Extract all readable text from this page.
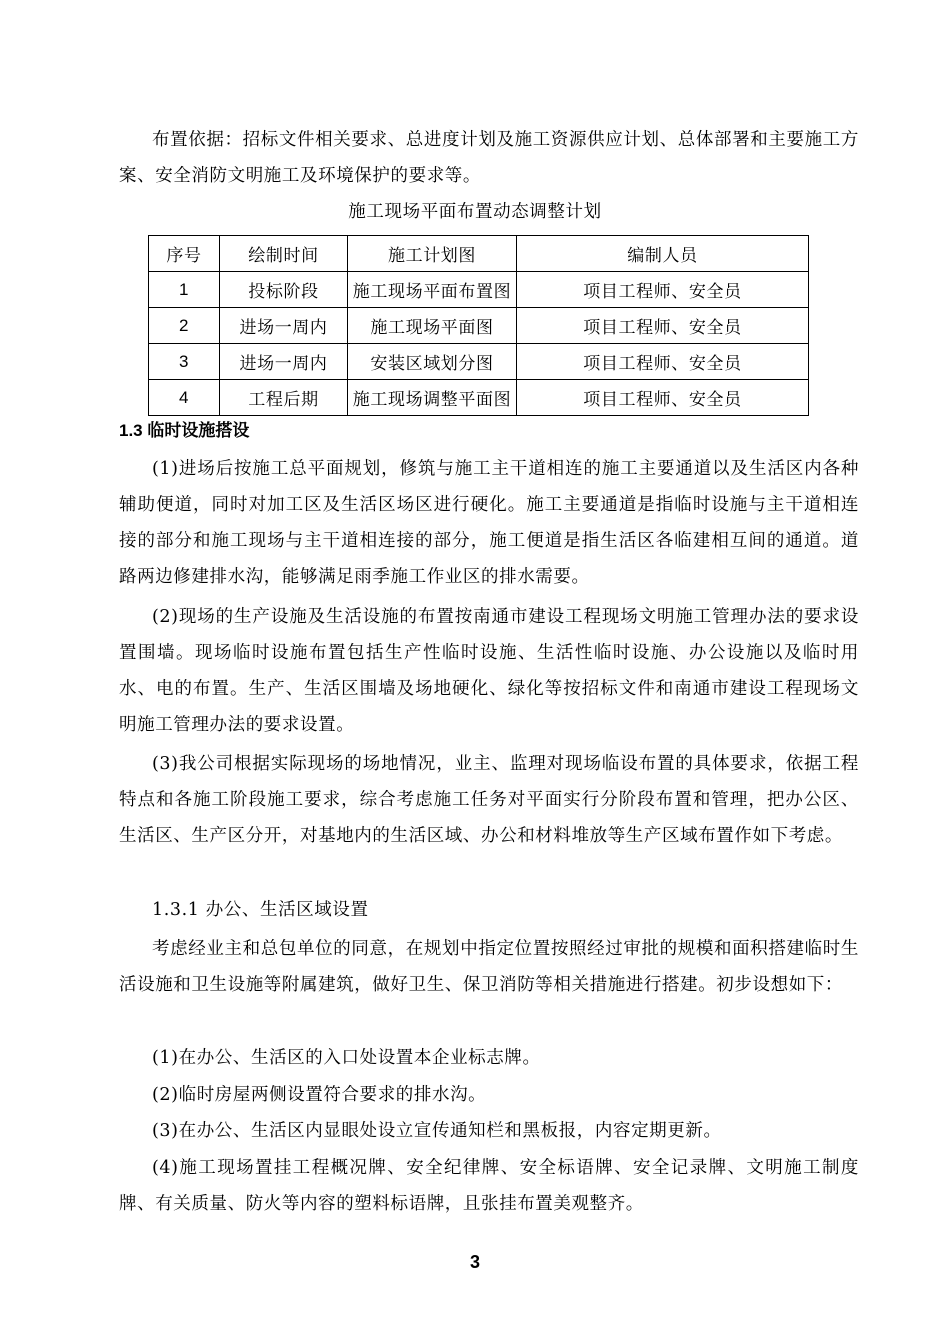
布置依据：招标文件相关要求、总进度计划及施工资源供应计划、总体部署和主要施工方案、安全消防文明施工及环境保护的要求等。

施工现场平面布置动态调整计划
序号	绘制时间	施工计划图	编制人员
1	投标阶段	施工现场平面布置图	项目工程师、安全员
2	进场一周内	施工现场平面图	项目工程师、安全员
3	进场一周内	安装区域划分图	项目工程师、安全员
4	工程后期	施工现场调整平面图	项目工程师、安全员
1.3 临时设施搭设

(1)进场后按施工总平面规划，修筑与施工主干道相连的施工主要通道以及生活区内各种辅助便道，同时对加工区及生活区场区进行硬化。施工主要通道是指临时设施与主干道相连接的部分和施工现场与主干道相连接的部分，施工便道是指生活区各临建相互间的通道。道路两边修建排水沟，能够满足雨季施工作业区的排水需要。

(2)现场的生产设施及生活设施的布置按南通市建设工程现场文明施工管理办法的要求设置围墙。现场临时设施布置包括生产性临时设施、生活性临时设施、办公设施以及临时用水、电的布置。生产、生活区围墙及场地硬化、绿化等按招标文件和南通市建设工程现场文明施工管理办法的要求设置。

(3)我公司根据实际现场的场地情况，业主、监理对现场临设布置的具体要求，依据工程特点和各施工阶段施工要求，综合考虑施工任务对平面实行分阶段布置和管理，把办公区、生活区、生产区分开，对基地内的生活区域、办公和材料堆放等生产区域布置作如下考虑。

1.3.1 办公、生活区域设置

考虑经业主和总包单位的同意，在规划中指定位置按照经过审批的规模和面积搭建临时生活设施和卫生设施等附属建筑，做好卫生、保卫消防等相关措施进行搭建。初步设想如下：

(1)在办公、生活区的入口处设置本企业标志牌。

(2)临时房屋两侧设置符合要求的排水沟。

(3)在办公、生活区内显眼处设立宣传通知栏和黑板报，内容定期更新。

(4)施工现场置挂工程概况牌、安全纪律牌、安全标语牌、安全记录牌、文明施工制度牌、有关质量、防火等内容的塑料标语牌，且张挂布置美观整齐。

3
